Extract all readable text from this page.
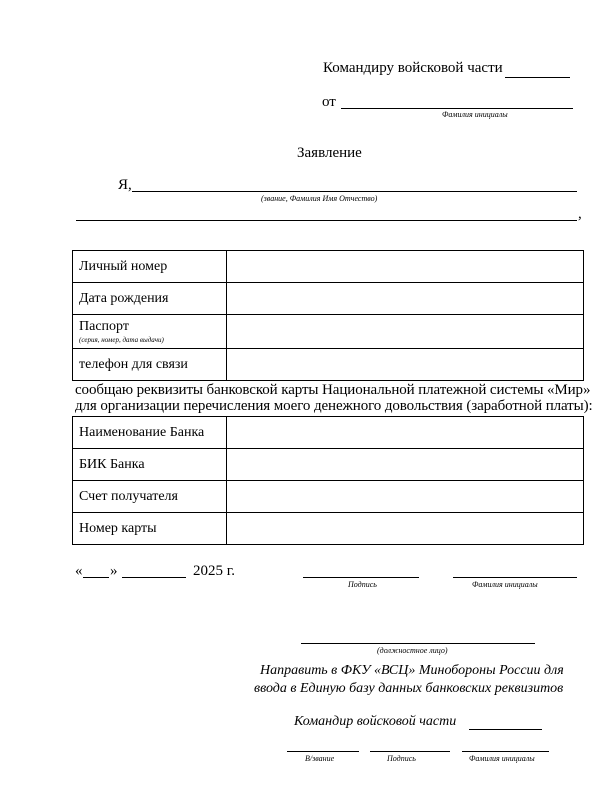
Командиру войсковой части
от
Фамилия инициалы
Заявление
Я,
(звание, Фамилия Имя Отчество)
,
Личный номер	
Дата рождения	
Паспорт
(серия, номер, дата выдачи)	

телефон для связи	
сообщаю реквизиты банковской карты Национальной платежной системы «Мир»
для организации перечисления моего денежного довольствия (заработной платы):
Наименование Банка	
БИК Банка	
Счет получателя	
Номер карты	
« »	2025 г.
Подпись	Фамилия инициалы
(должностное лицо)
Направить в ФКУ «ВСЦ» Минобороны России для
ввода в Единую базу данных банковских реквизитов
Командир войсковой части
В/звание	Подпись	Фамилия инициалы
